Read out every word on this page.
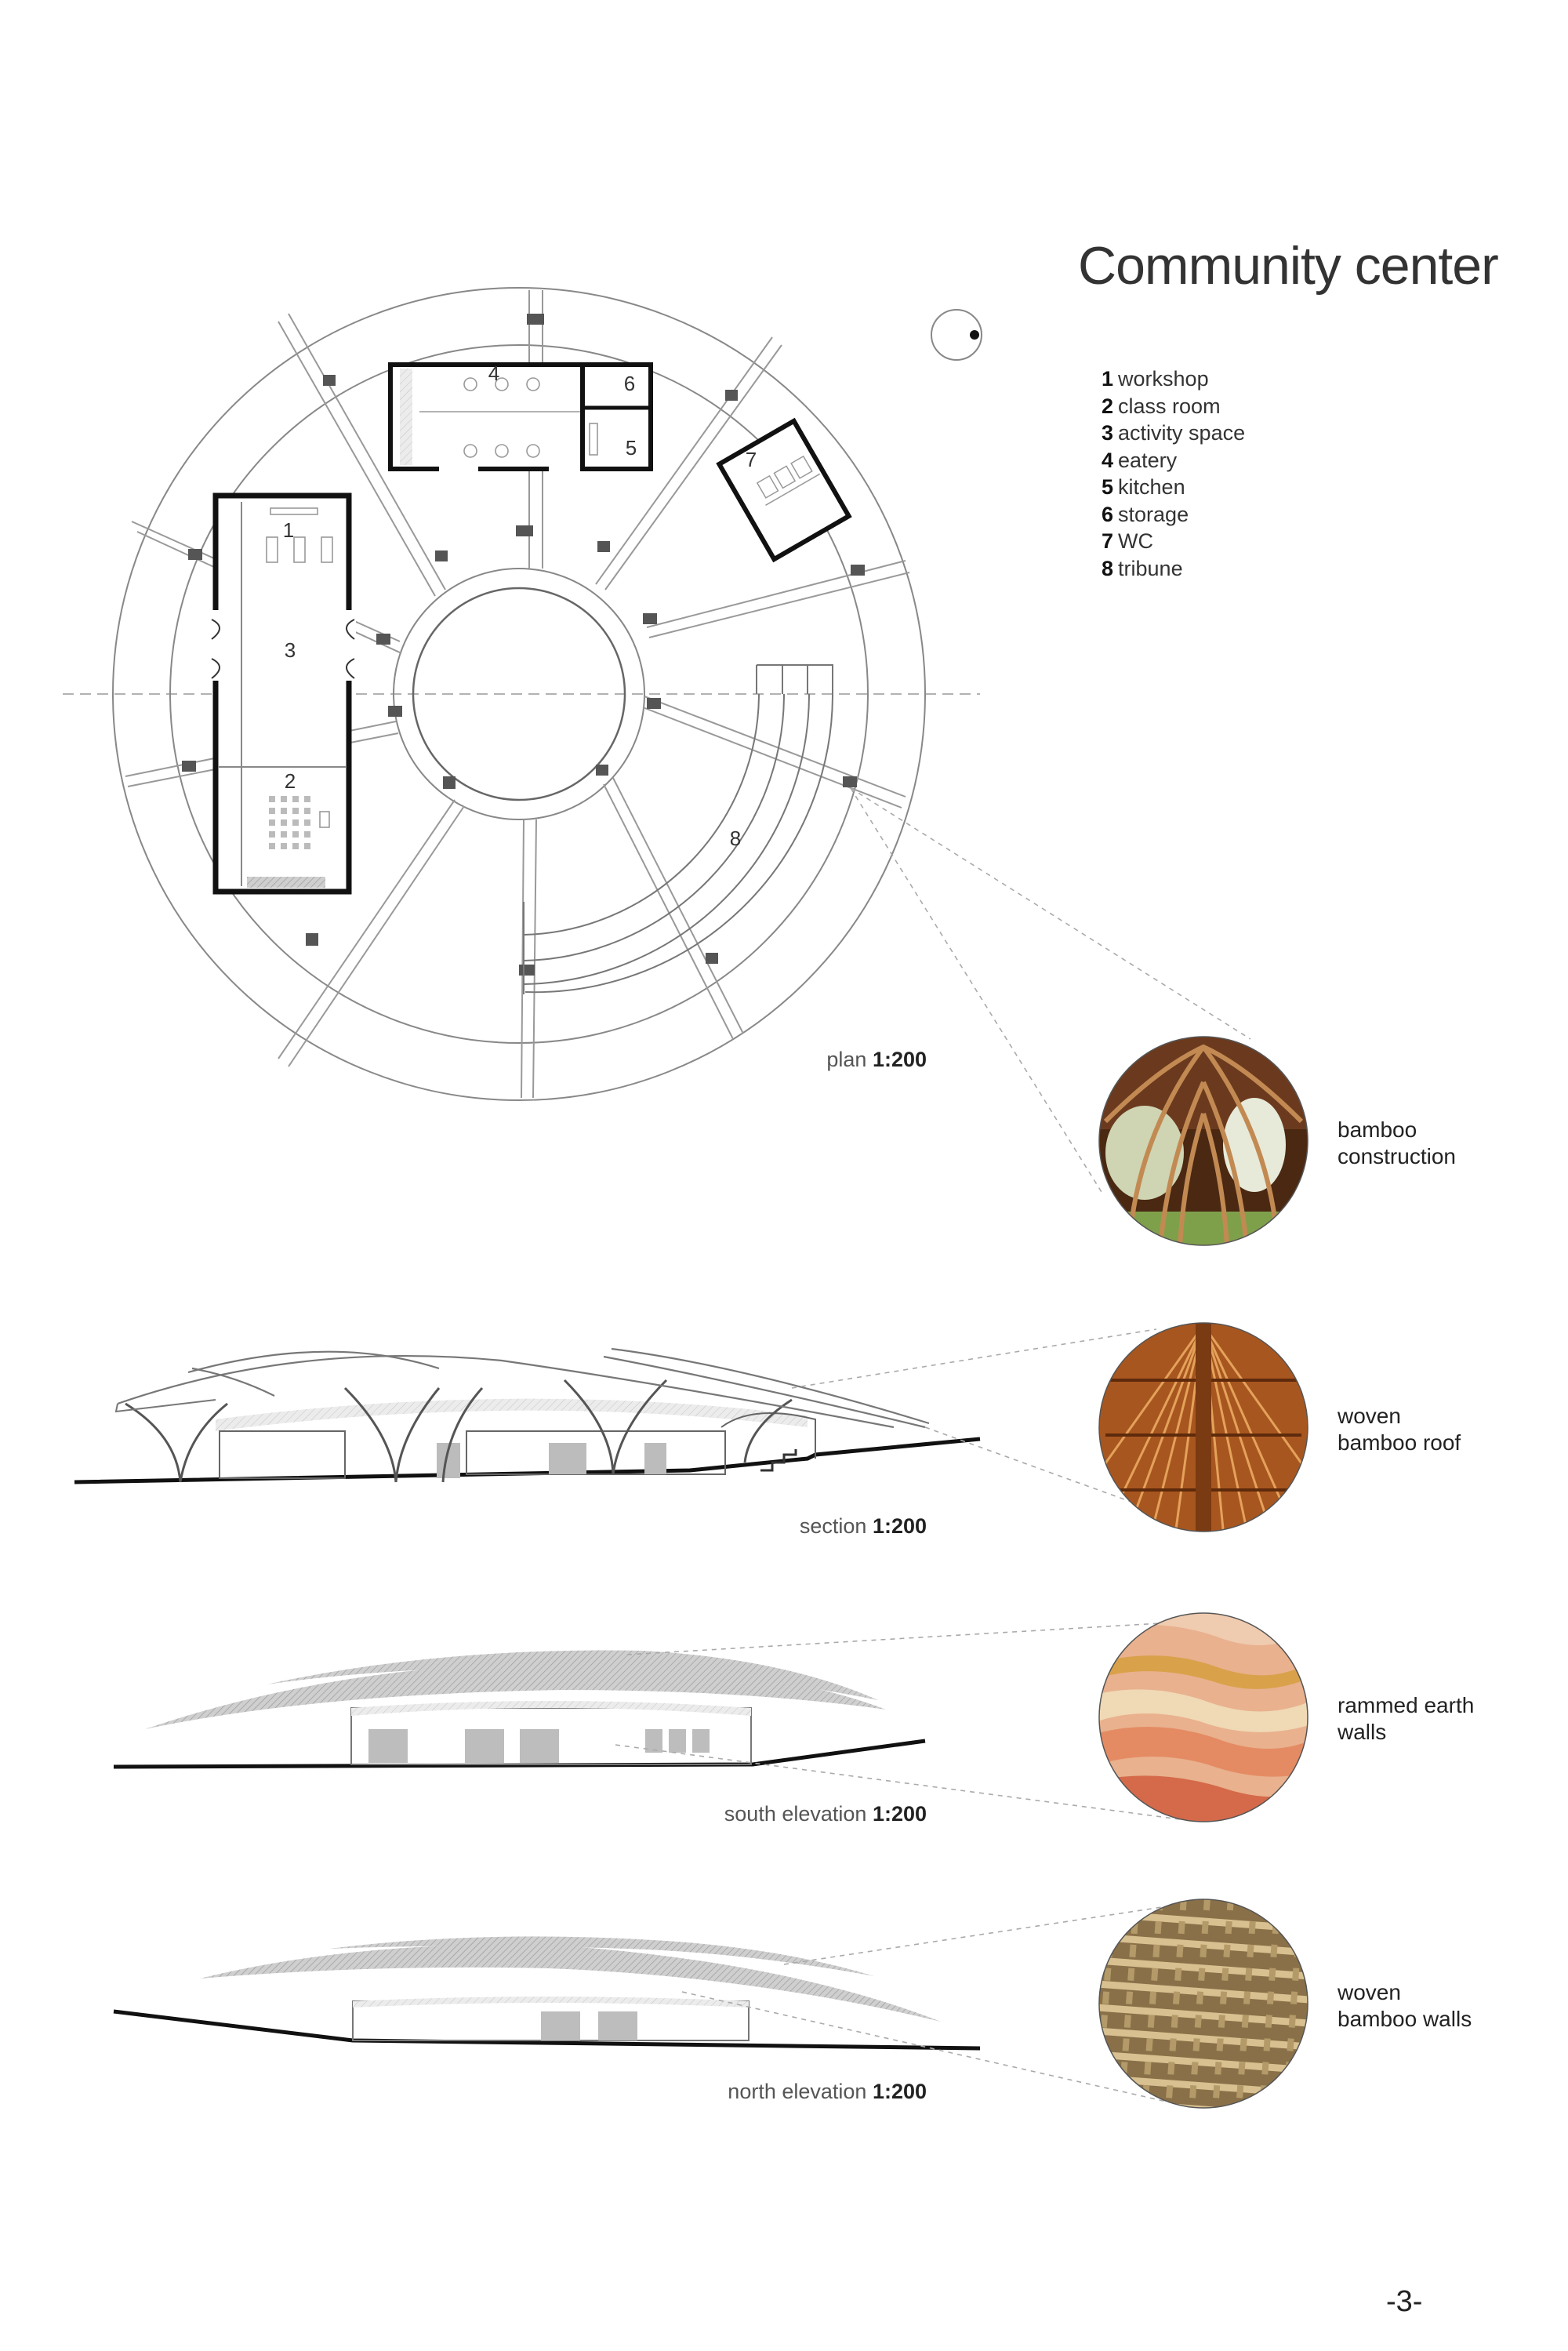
Community center
1 workshop
2 class room
3 activity space
4 eatery
5 kitchen
6 storage
7 WC
8 tribune
1
2
3
4
5
6
7
8
plan 1:200
section 1:200
south elevation 1:200
north elevation 1:200
bamboo
construction
woven
bamboo roof
rammed earth
walls
woven
bamboo walls
-3-
